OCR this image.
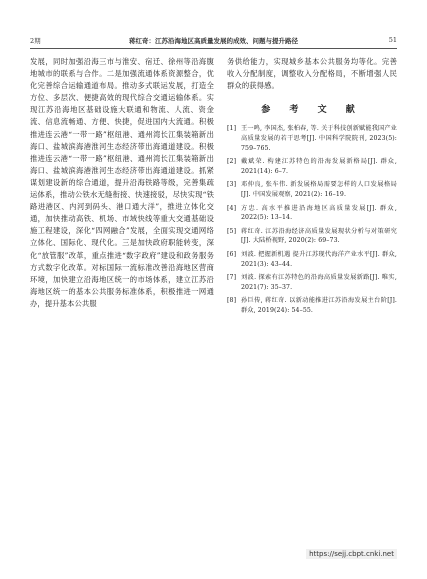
2期	蒋红奇：江苏沿海地区高质量发展的成效、问题与提升路径	51
发展，同时加强沿海三市与淮安、宿迁、徐州等沿海腹地城市的联系与合作。二是加强流通体系资源整合，优化完善综合运输通道布局。推动多式联运发展，打造全方位、多层次、便捷高效的现代综合交通运输体系。实现江苏沿海地区基础设施大联通和物流、人流、资金流、信息流畅通、方便、快捷，促进国内大流通。积极推进连云港“一带一路”枢纽港、通州湾长江集装箱新出海口、盐城滨海港淮河生态经济带出海通道建设。积极推进连云港“一带一路”枢纽港、通州湾长江集装箱新出海口、盐城滨海港淮河生态经济带出海通道建设。抓紧谋划建设新的综合通道，提升沿海铁路等级，完善集疏运体系，推动公铁水无缝衔接、快速接驳，尽快实现“铁路进港区、内河到码头、港口通大洋”，推进立体化交通，加快推动高铁、机场、市域快线等重大交通基础设施工程建设，深化“四网融合”发展，全面实现交通网络立体化、国际化、现代化。三是加快政府职能转变，深化“放管服”改革，重点推进“数字政府”建设和政务服务方式数字化改革。对标国际一流标准改善沿海地区营商环境，加快建立沿海地区统一的市场体系，建立江苏沿海地区统一的基本公共服务标准体系，积极推进一网通办，提升基本公共服
务供给能力，实现城乡基本公共服务均等化。完善收入分配制度，调整收入分配格局，不断增强人民群众的获得感。
参 考 文 献
[1] 王一鸣, 李国杰, 张柏春, 等. 关于科技创新赋能我国产业高质量发展的若干思考[J]. 中国科学院院刊, 2023(5): 759–765.
[2] 戴斌荣. 构建江苏特色的沿海发展新格局[J]. 群众, 2021(14): 6–7.
[3] 邓仲良, 张车伟. 新发展格局需要怎样的人口发展格局[J]. 中国发展观察, 2021(2): 16–19.
[4] 方忠. 高水平推进沿海地区高质量发展[J]. 群众, 2022(5): 13–14.
[5] 蒋红奇. 江苏沿海经济高质量发展现状分析与对策研究[J]. 大陆桥视野, 2020(2): 69–73.
[6] 刘波. 把握新机遇 提升江苏现代海洋产业水平[J]. 群众, 2021(3): 43–44.
[7] 刘波. 探索有江苏特色的沿海高质量发展新路[J]. 唯实, 2021(7): 35–37.
[8] 孙巨传, 蒋红奇. 以新动能推进江苏沿海发展主台阶[J]. 群众, 2019(24): 54–55.
https://sejj.cbpt.cnki.net
